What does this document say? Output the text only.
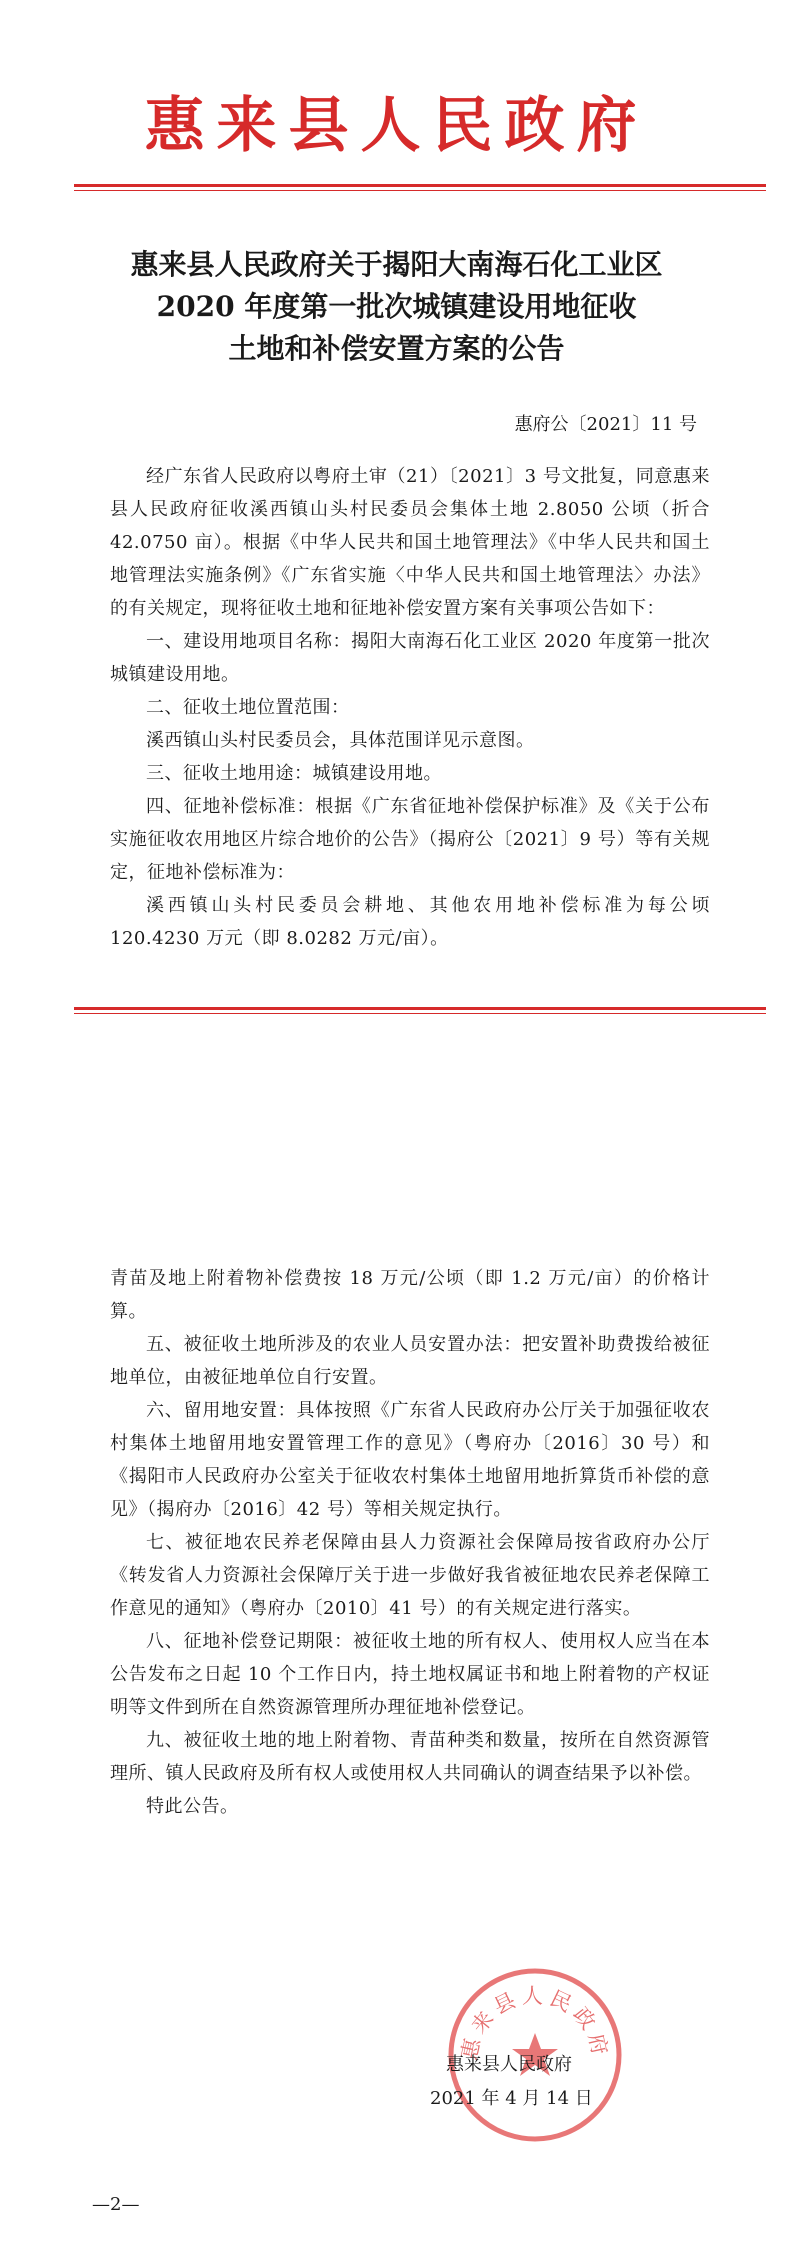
惠来县人民政府
惠来县人民政府关于揭阳大南海石化工业区
2020 年度第一批次城镇建设用地征收
土地和补偿安置方案的公告
惠府公〔2021〕11 号

经广东省人民政府以粤府土审（21）〔2021〕3 号文批复，同意惠来县人民政府征收溪西镇山头村民委员会集体土地 2.8050 公顷（折合 42.0750 亩）。根据《中华人民共和国土地管理法》《中华人民共和国土地管理法实施条例》《广东省实施〈中华人民共和国土地管理法〉办法》的有关规定，现将征收土地和征地补偿安置方案有关事项公告如下：

一、建设用地项目名称：揭阳大南海石化工业区 2020 年度第一批次城镇建设用地。

二、征收土地位置范围：

溪西镇山头村民委员会，具体范围详见示意图。

三、征收土地用途：城镇建设用地。

四、征地补偿标准：根据《广东省征地补偿保护标准》及《关于公布实施征收农用地区片综合地价的公告》（揭府公〔2021〕9 号）等有关规定，征地补偿标准为：

溪西镇山头村民委员会耕地、其他农用地补偿标准为每公顷 120.4230 万元（即 8.0282 万元/亩）。

青苗及地上附着物补偿费按 18 万元/公顷（即 1.2 万元/亩）的价格计算。

五、被征收土地所涉及的农业人员安置办法：把安置补助费拨给被征地单位，由被征地单位自行安置。

六、留用地安置：具体按照《广东省人民政府办公厅关于加强征收农村集体土地留用地安置管理工作的意见》（粤府办〔2016〕30 号）和《揭阳市人民政府办公室关于征收农村集体土地留用地折算货币补偿的意见》（揭府办〔2016〕42 号）等相关规定执行。

七、被征地农民养老保障由县人力资源社会保障局按省政府办公厅《转发省人力资源社会保障厅关于进一步做好我省被征地农民养老保障工作意见的通知》（粤府办〔2010〕41 号）的有关规定进行落实。

八、征地补偿登记期限：被征收土地的所有权人、使用权人应当在本公告发布之日起 10 个工作日内，持土地权属证书和地上附着物的产权证明等文件到所在自然资源管理所办理征地补偿登记。

九、被征收土地的地上附着物、青苗种类和数量，按所在自然资源管理所、镇人民政府及所有权人或使用权人共同确认的调查结果予以补偿。

特此公告。

惠来县人民政府
惠来县人民政府
2021 年 4 月 14 日
—2—
